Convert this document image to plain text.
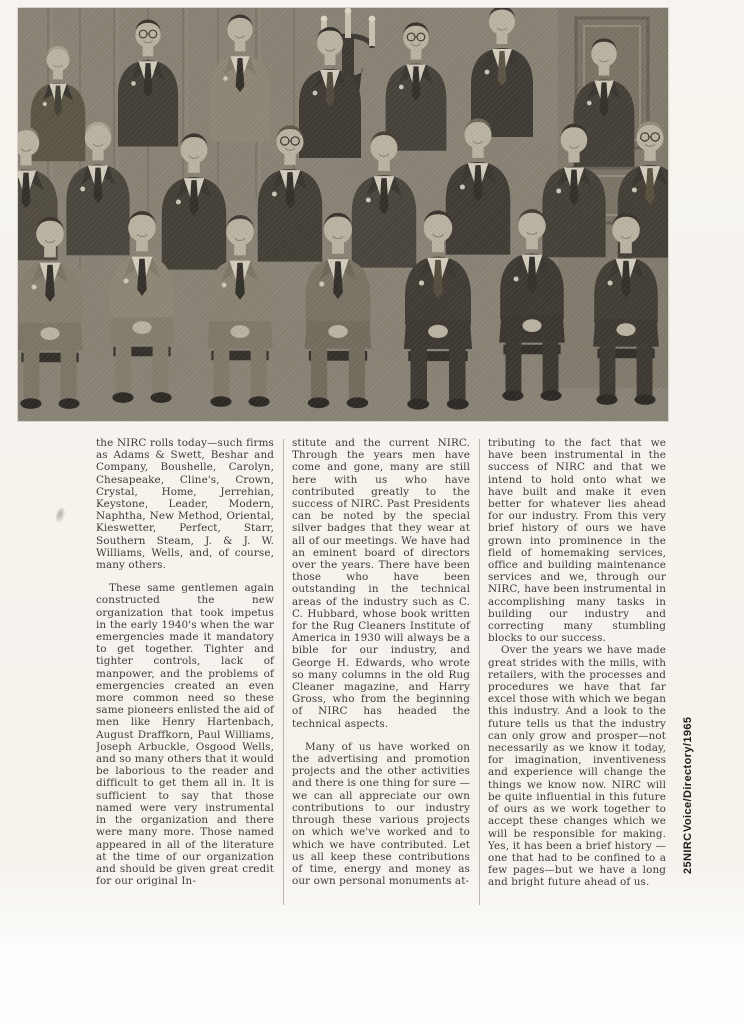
the NIRC rolls today—such firms as Adams & Swett, Beshar and Company, Boushelle, Carolyn, Chesapeake, Cline's, Crown, Crystal, Home, Jerrehian, Keystone, Leader, Modern, Naphtha, New Method, Oriental, Kieswetter, Perfect, Starr, Southern Steam, J. & J. W. Williams, Wells, and, of course, many others.

These same gentlemen again constructed the new organization that took impetus in the early 1940's when the war emergencies made it mandatory to get together. Tighter and tighter controls, lack of manpower, and the problems of emergencies created an even more common need so these same pioneers enlisted the aid of men like Henry Hartenbach, August Draffkorn, Paul Williams, Joseph Arbuckle, Osgood Wells, and so many others that it would be laborious to the reader and difficult to get them all in. It is sufficient to say that those named were very instrumental in the organization and there were many more. Those named appeared in all of the literature at the time of our organization and should be given great credit for our original In-

stitute and the current NIRC. Through the years men have come and gone, many are still here with us who have contributed greatly to the success of NIRC. Past Presidents can be noted by the special silver badges that they wear at all of our meetings. We have had an eminent board of directors over the years. There have been those who have been outstanding in the technical areas of the industry such as C. C. Hubbard, whose book written for the Rug Cleaners Institute of America in 1930 will always be a bible for our industry, and George H. Edwards, who wrote so many columns in the old Rug Cleaner magazine, and Harry Gross, who from the beginning of NIRC has headed the technical aspects.

Many of us have worked on the advertising and promotion projects and the other activities and there is one thing for sure —we can all appreciate our own contributions to our industry through these various projects on which we've worked and to which we have contributed. Let us all keep these contributions of time, energy and money as our own personal monuments at-

tributing to the fact that we have been instrumental in the success of NIRC and that we intend to hold onto what we have built and make it even better for whatever lies ahead for our industry. From this very brief history of ours we have grown into prominence in the field of homemaking services, office and building maintenance services and we, through our NIRC, have been instrumental in accomplishing many tasks in building our industry and correcting many stumbling blocks to our success.

Over the years we have made great strides with the mills, with retailers, with the processes and procedures we have that far excel those with which we began this industry. And a look to the future tells us that the industry can only grow and prosper—not necessarily as we know it today, for imagination, inventiveness and experience will change the things we know now. NIRC will be quite influential in this future of ours as we work together to accept these changes which we will be responsible for making. Yes, it has been a brief history —one that had to be confined to a few pages—but we have a long and bright future ahead of us.

25NIRCVoice/Directory/1965
